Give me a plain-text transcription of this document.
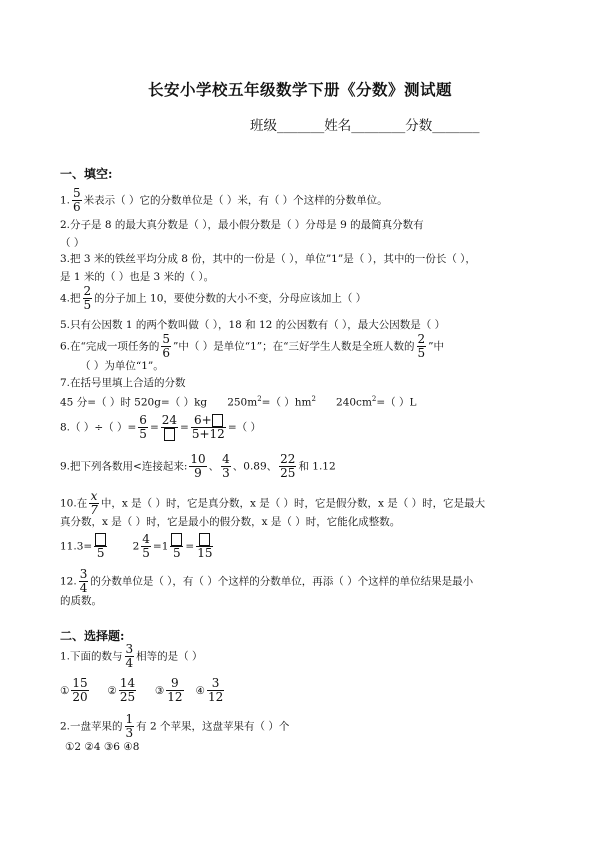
长安小学校五年级数学下册《分数》测试题
班级_______姓名________分数_______
一、填空:
1. $\frac{5}{6}$ 米表示（ ）它的分数单位是（ ）米，有（ ）个这样的分数单位。
2.分子是 8 的最大真分数是（ ），最小假分数是（ ）分母是 9 的最简真分数有
（ ）
3.把 3 米的铁丝平均分成 8 份，其中的一份是（ ），单位”1”是（ ），其中的一份长（ ），
是 1 米的（ ）也是 3 米的（ ）。
4.把 $\frac{2}{5}$ 的分子加上 10，要使分数的大小不变，分母应该加上（ ）
5.只有公因数 1 的两个数叫做（ ），18 和 12 的公因数有（ ），最大公因数是（ ）
6.在“完成一项任务的 $\frac{5}{6}$ ”中（ ）是单位“1”；在“三好学生人数是全班人数的 $\frac{2}{5}$ ”中
（ ）为单位“1”。
7.在括号里填上合适的分数
45 分=（ ）时 520g=（ ）kg $250m^2=$（ ）$hm^2$ $240cm^2=$（ ）L
8.（ ）÷（ ）= $\frac{6}{5}$ =
24
= $\frac{6+}{5+12}$ =（ ）
9.把下列各数用<连接起来: $\frac{10}{9}$ 、 $\frac{4}{3}$ 、0.89、 $\frac{22}{25}$ 和 1.12
10.在 $\frac{x}{7}$ 中，x 是（ ）时，它是真分数，x 是（ ）时，它是假分数，x 是（ ）时，它是最大
真分数，x 是（ ）时，它是最小的假分数，x 是（ ）时，它能化成整数。
11.3= 5	$2 \frac{4}{5} =1$ 5 = 15
12. $\frac{3}{4}$ 的分数单位是（ ），有（ ）个这样的分数单位，再添（ ）个这样的单位结果是最小
的质数。
二、选择题:
1.下面的数与 $\frac{3}{4}$ 相等的是（ ）
① $\frac{15}{20}$ ② $\frac{14}{25}$ ③ $\frac{9}{12}$ ④ $\frac{3}{12}$
2.一盘苹果的 $\frac{1}{3}$ 有 2 个苹果，这盘苹果有（ ）个
①2 ②4 ③6 ④8
